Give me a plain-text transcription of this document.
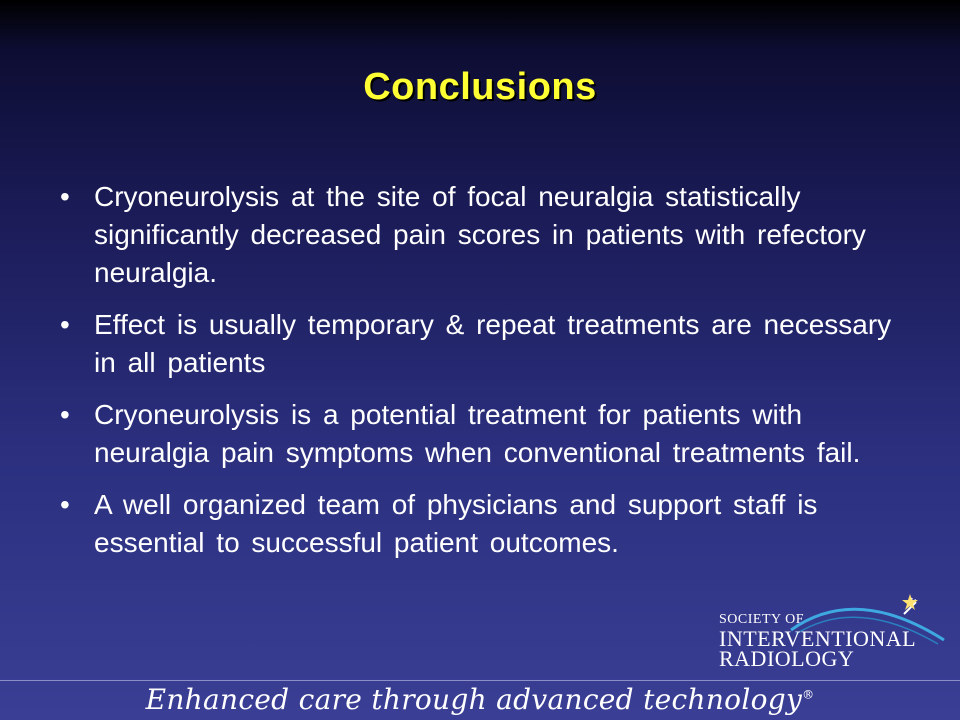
Conclusions
• Cryoneurolysis at the site of focal neuralgia statistically significantly decreased pain scores in patients with refectory neuralgia.
• Effect is usually temporary & repeat treatments are necessary in all patients
• Cryoneurolysis is a potential treatment for patients with neuralgia pain symptoms when conventional treatments fail.
• A well organized team of physicians and support staff is essential to successful patient outcomes.
SOCIETY OF
INTERVENTIONAL
RADIOLOGY
Enhanced care through advanced technology®
